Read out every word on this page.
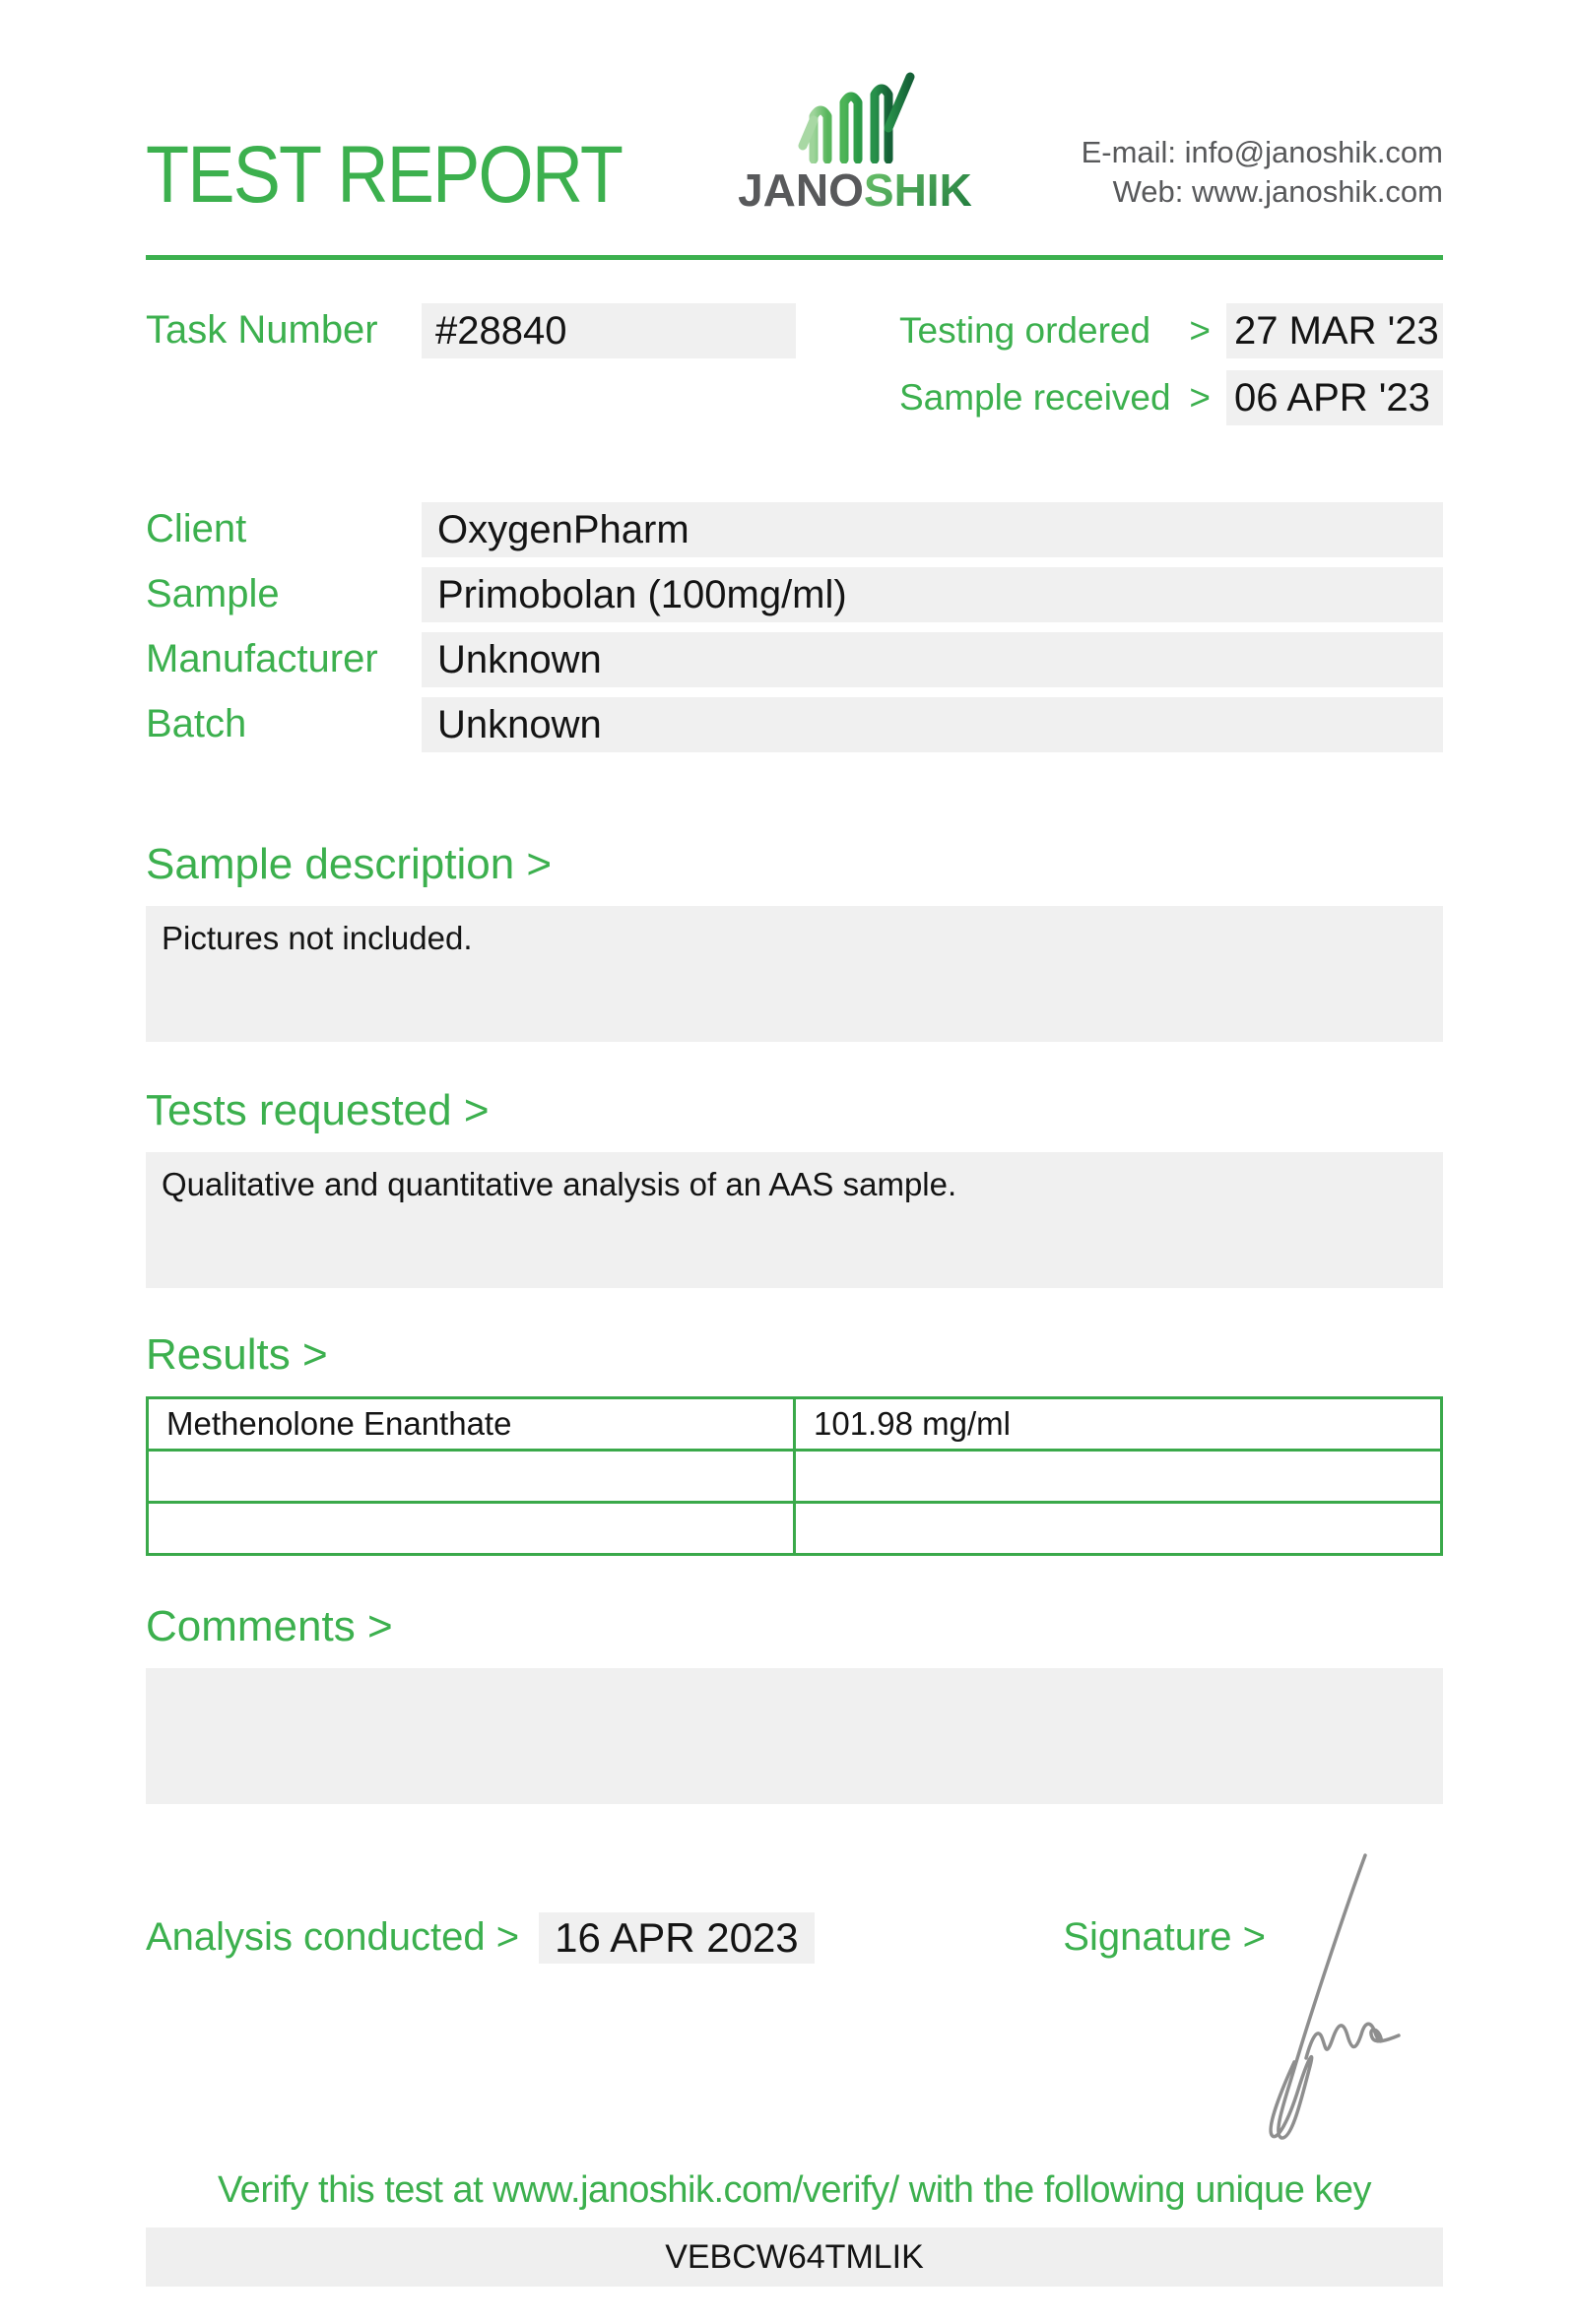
TEST REPORT	JANOSHIK
E-mail: info@janoshik.com
Web: www.janoshik.com
Task Number	#28840	Testing ordered > 27 MAR '23
Sample received > 06 APR '23
Client	OxygenPharm
Sample	Primobolan (100mg/ml)
Manufacturer	Unknown
Batch	Unknown
Sample description >
Pictures not included.
Tests requested >
Qualitative and quantitative analysis of an AAS sample.
Results >
Methenolone Enanthate	101.98 mg/ml

Comments >
Analysis conducted > 16 APR 2023	Signature >
Verify this test at www.janoshik.com/verify/ with the following unique key
VEBCW64TMLIK
